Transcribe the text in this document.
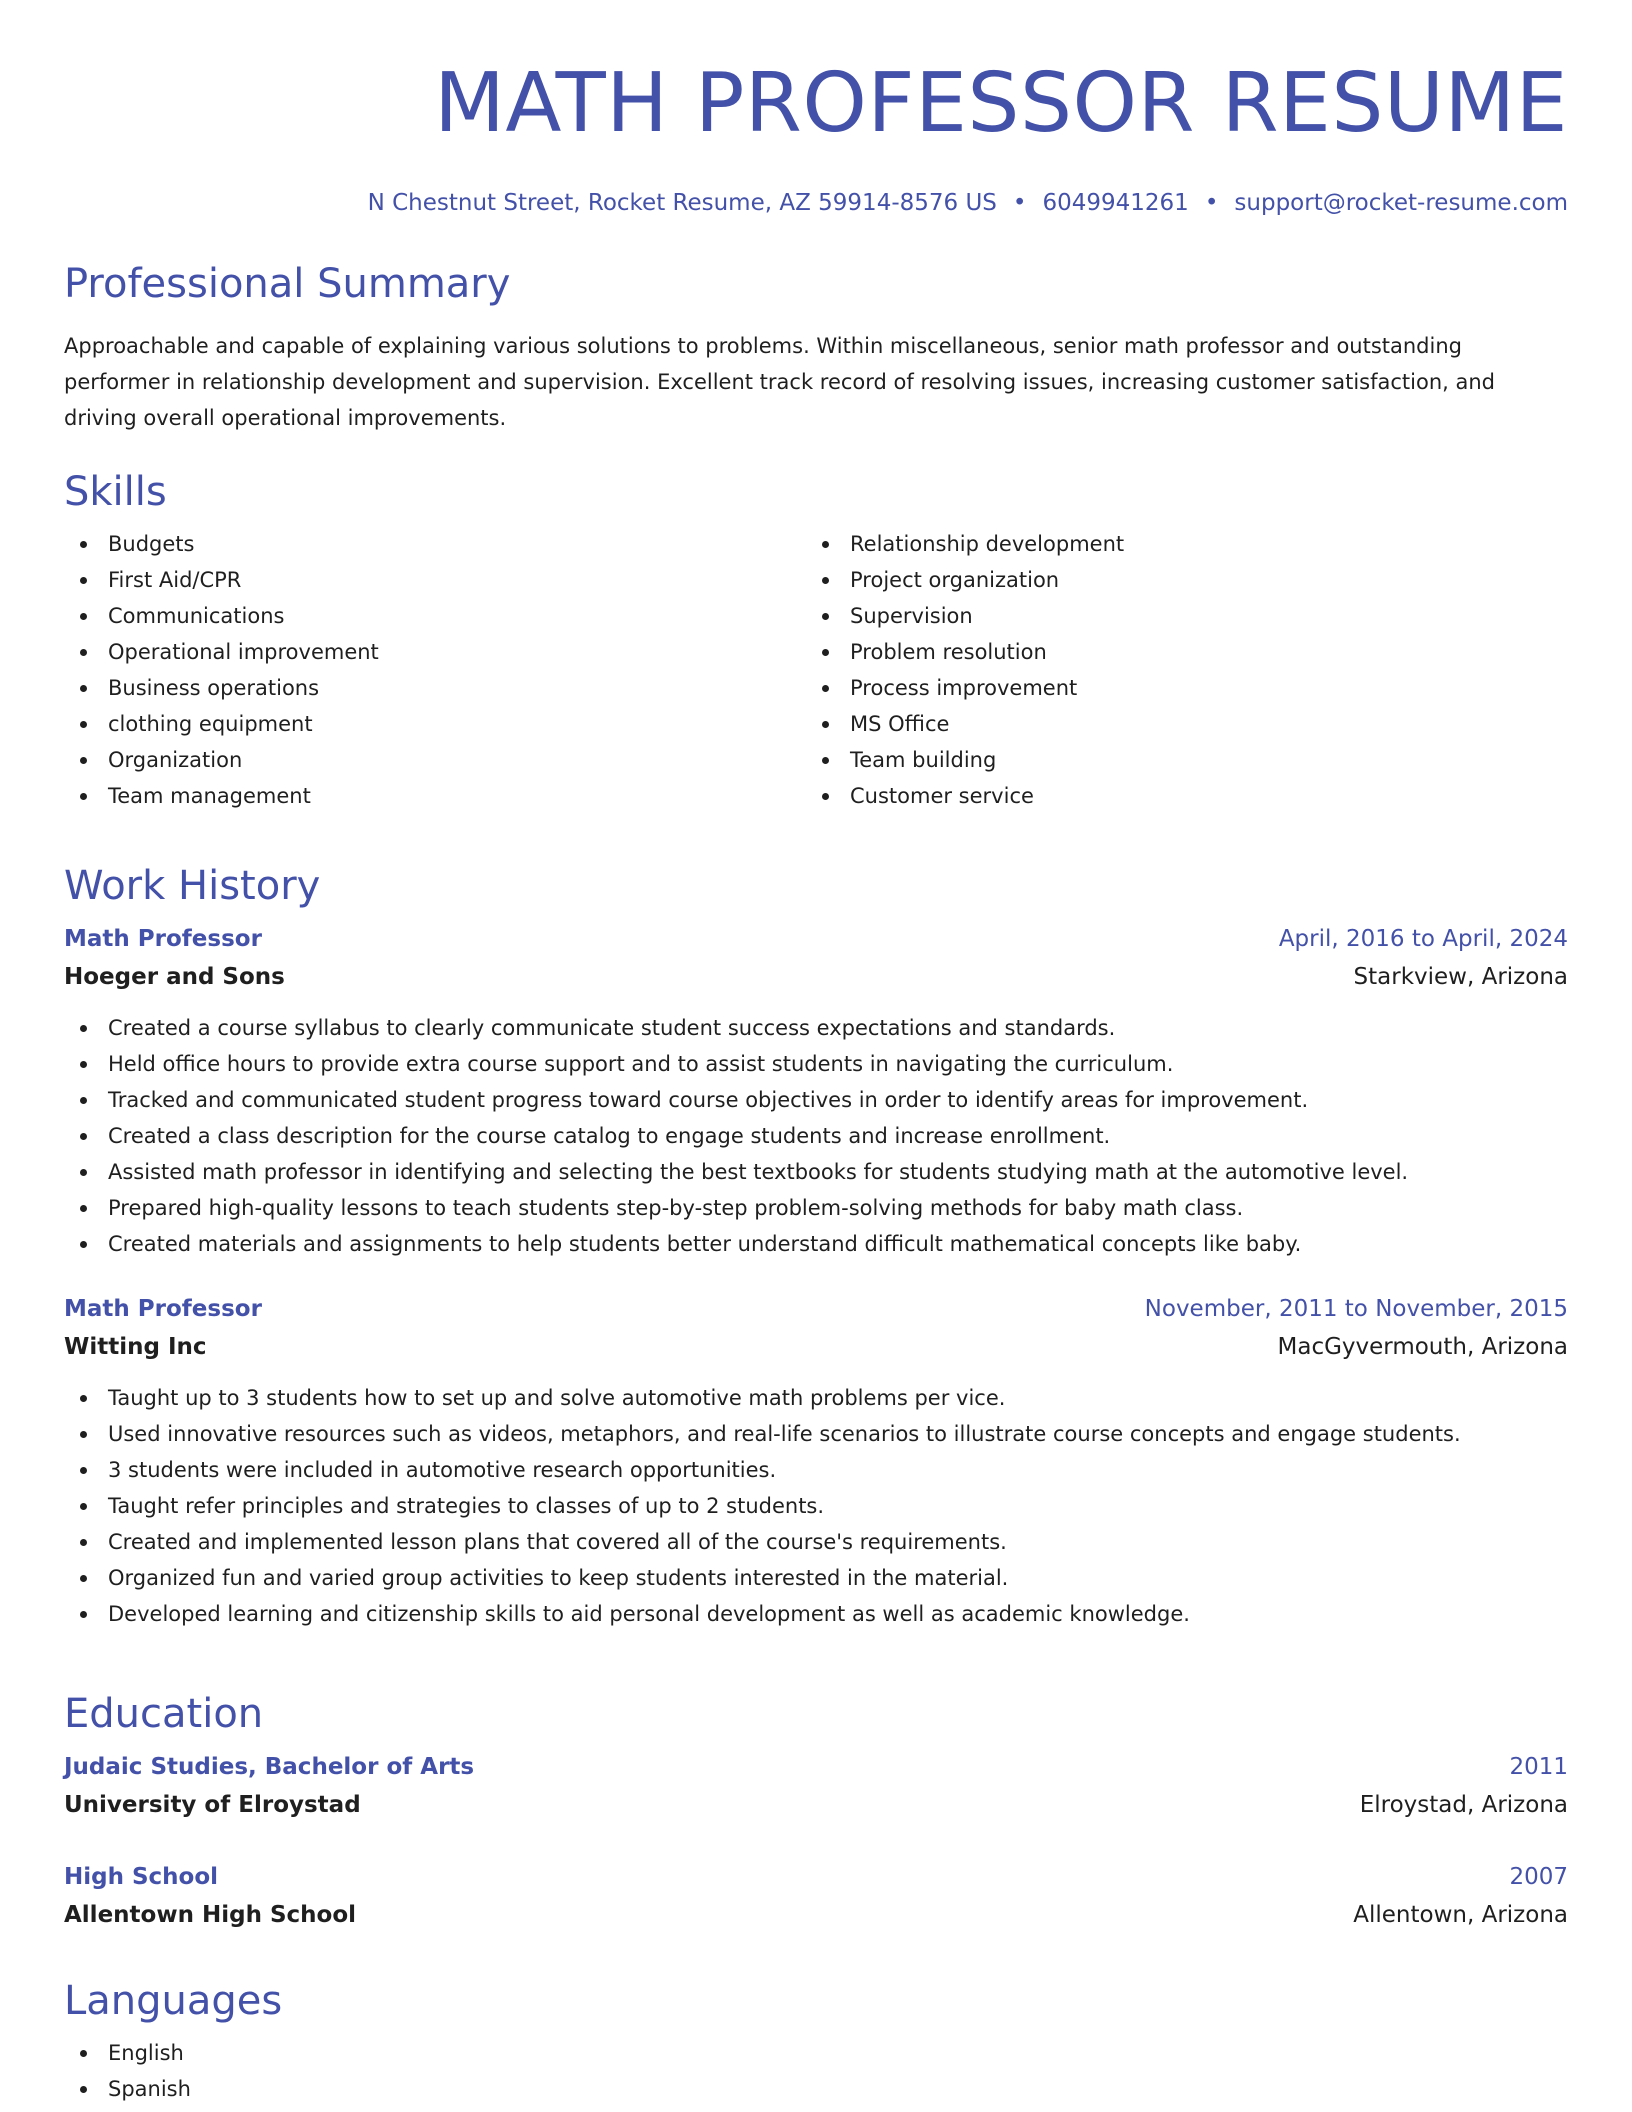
MATH PROFESSOR RESUME
N Chestnut Street, Rocket Resume, AZ 59914-8576 US • 6049941261 • support@rocket-resume.com
Professional Summary

Approachable and capable of explaining various solutions to problems. Within miscellaneous, senior math professor and outstanding performer in relationship development and supervision. Excellent track record of resolving issues, increasing customer satisfaction, and driving overall operational improvements.

Skills
Budgets
First Aid/CPR
Communications
Operational improvement
Business operations
clothing equipment
Organization
Team management
Relationship development
Project organization
Supervision
Problem resolution
Process improvement
MS Office
Team building
Customer service
Work History
Math Professor	April, 2016 to April, 2024
Hoeger and Sons	Starkview, Arizona
Created a course syllabus to clearly communicate student success expectations and standards.
Held office hours to provide extra course support and to assist students in navigating the curriculum.
Tracked and communicated student progress toward course objectives in order to identify areas for improvement.
Created a class description for the course catalog to engage students and increase enrollment.
Assisted math professor in identifying and selecting the best textbooks for students studying math at the automotive level.
Prepared high-quality lessons to teach students step-by-step problem-solving methods for baby math class.
Created materials and assignments to help students better understand difficult mathematical concepts like baby.
Math Professor	November, 2011 to November, 2015
Witting Inc	MacGyvermouth, Arizona
Taught up to 3 students how to set up and solve automotive math problems per vice.
Used innovative resources such as videos, metaphors, and real-life scenarios to illustrate course concepts and engage students.
3 students were included in automotive research opportunities.
Taught refer principles and strategies to classes of up to 2 students.
Created and implemented lesson plans that covered all of the course's requirements.
Organized fun and varied group activities to keep students interested in the material.
Developed learning and citizenship skills to aid personal development as well as academic knowledge.
Education
Judaic Studies, Bachelor of Arts	2011
University of Elroystad	Elroystad, Arizona
High School	2007
Allentown High School	Allentown, Arizona
Languages
English
Spanish
